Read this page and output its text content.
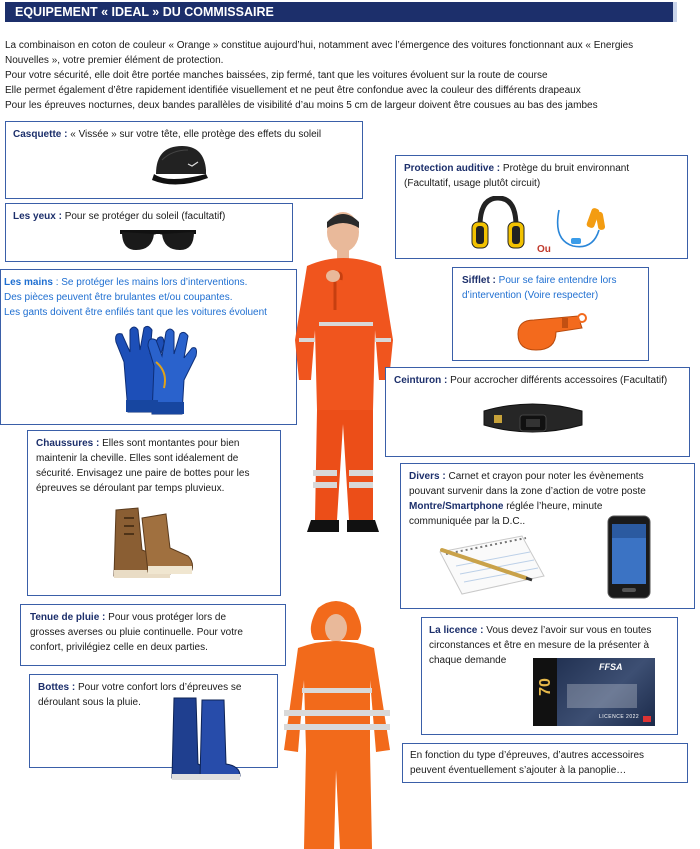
EQUIPEMENT « IDEAL » DU COMMISSAIRE

La combinaison en coton de couleur « Orange » constitue aujourd’hui, notamment avec l’émergence des voitures fonctionnant aux « Energies

Nouvelles », votre premier élément de protection.

Pour votre sécurité, elle doit être portée manches baissées, zip fermé, tant que les voitures évoluent sur la route de course

Elle permet également d’être rapidement identifiée visuellement et ne peut être confondue avec la couleur des différents drapeaux

Pour les épreuves nocturnes, deux bandes parallèles de visibilité d’au moins 5 cm de largeur doivent être cousues au bas des jambes

Casquette : « Vissée » sur votre tête, elle protège des effets du soleil
Les yeux : Pour se protéger du soleil (facultatif)
Les mains : Se protéger les mains lors d’interventions.
Des pièces peuvent être brulantes et/ou coupantes.
Les gants doivent être enfilés tant que les voitures évoluent
Chaussures : Elles sont montantes pour bien
maintenir la cheville. Elles sont idéalement de
sécurité. Envisagez une paire de bottes pour les
épreuves se déroulant par temps pluvieux.
Tenue de pluie : Pour vous protéger lors de
grosses averses ou pluie continuelle. Pour votre
confort, privilégiez celle en deux parties.
Bottes : Pour votre confort lors d’épreuves se
déroulant sous la pluie.
Protection auditive : Protège du bruit environnant
(Facultatif, usage plutôt circuit)
Ou
Sifflet : Pour se faire entendre lors
d’intervention (Voire respecter)
Ceinturon : Pour accrocher différents accessoires (Facultatif)
Divers : Carnet et crayon pour noter les évènements
pouvant survenir dans la zone d’action de votre poste
Montre/Smartphone réglée l’heure, minute
communiquée par la D.C..
La licence : Vous devez l’avoir sur vous en toutes
circonstances et être en mesure de la présenter à
chaque demande
70
FFSA
LICENCE 2022
En fonction du type d’épreuves, d’autres accessoires
peuvent éventuellement s’ajouter à la panoplie…
